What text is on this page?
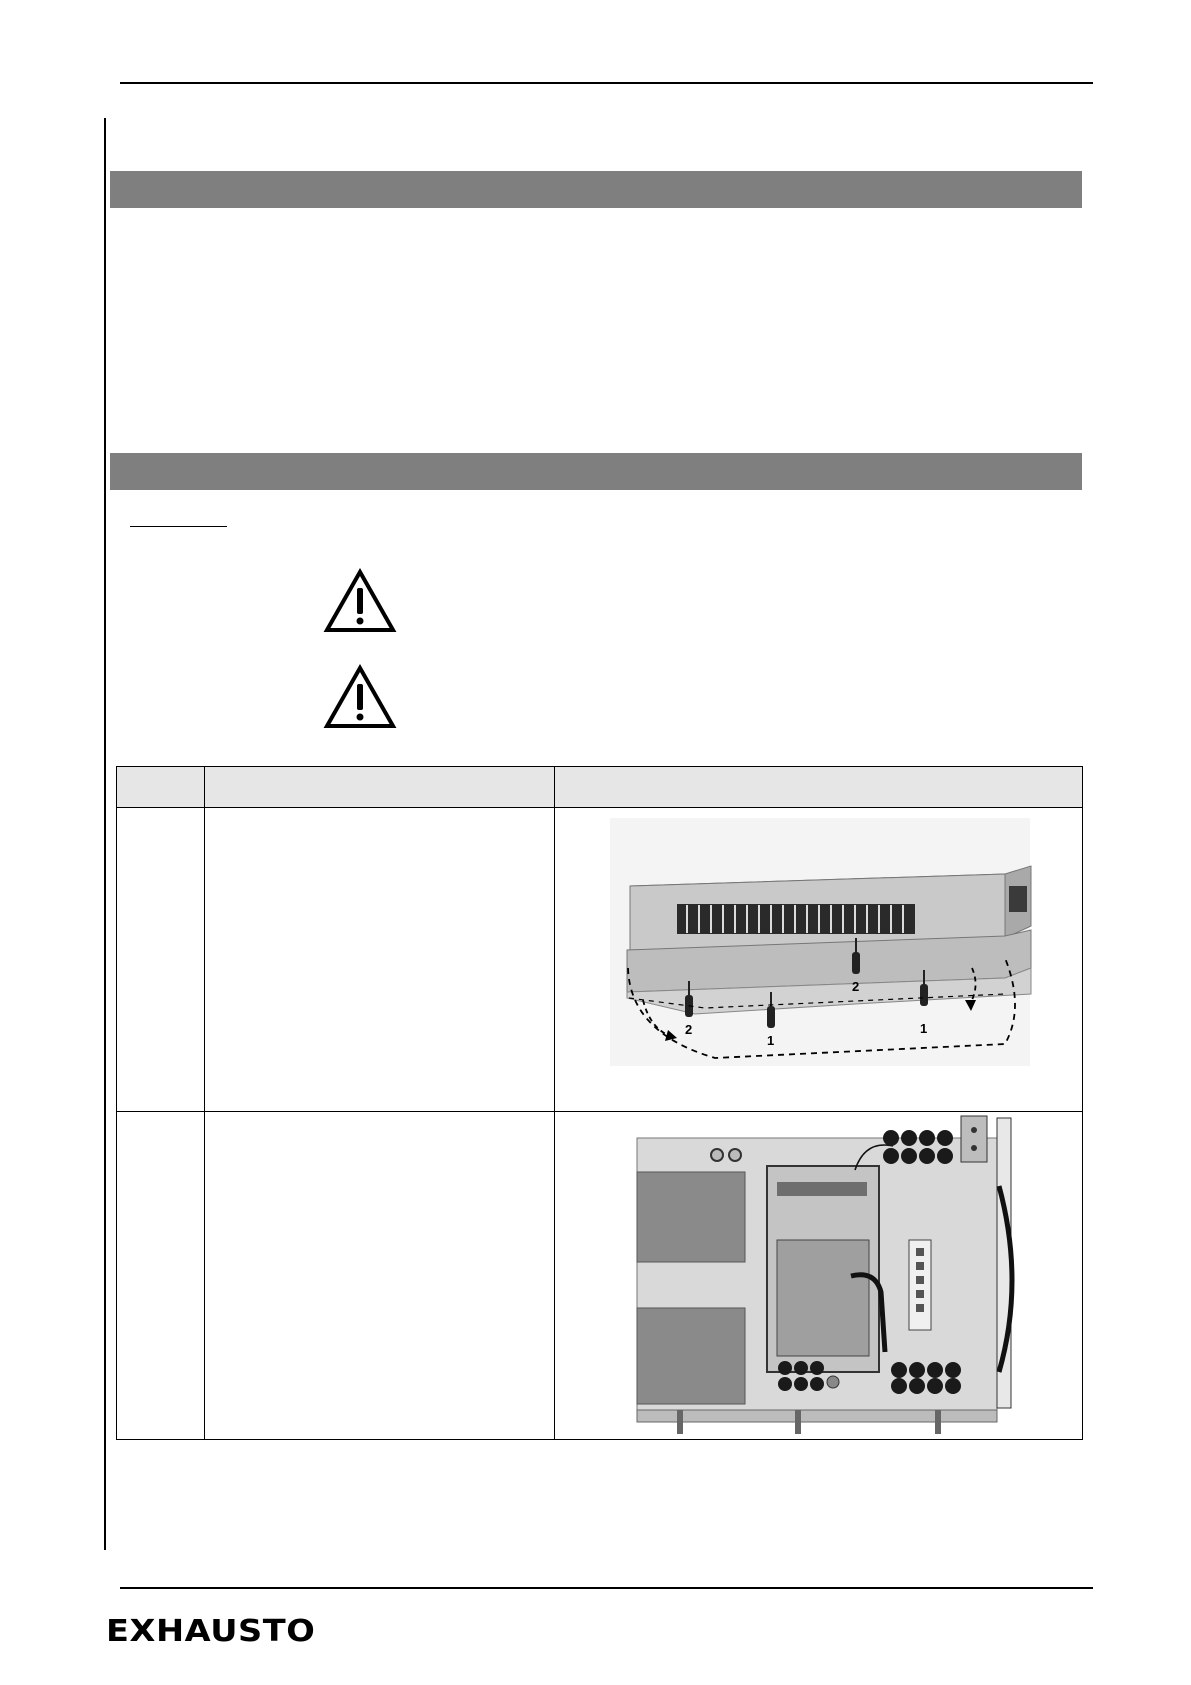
2
1
2
1

EXHAUSTO
